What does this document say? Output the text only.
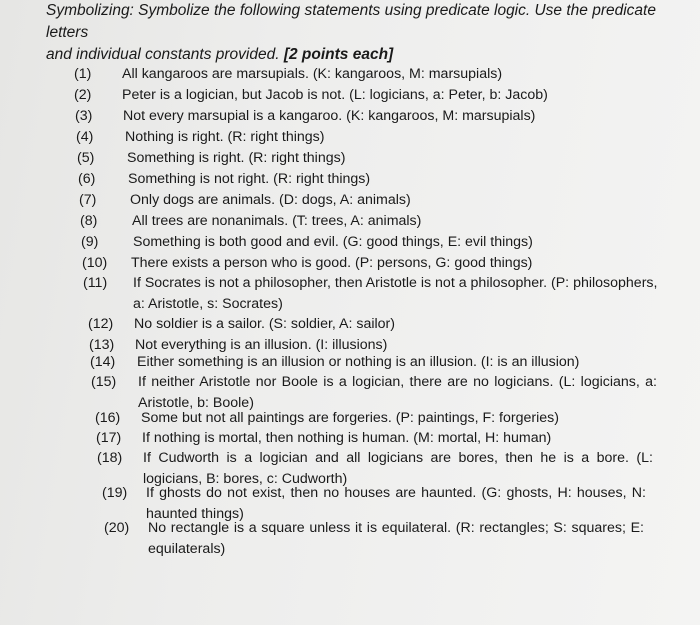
Symbolizing: Symbolize the following statements using predicate logic. Use the predicate letters
and individual constants provided. [2 points each]
(1) All kangaroos are marsupials. (K: kangaroos, M: marsupials)
(2) Peter is a logician, but Jacob is not. (L: logicians, a: Peter, b: Jacob)
(3) Not every marsupial is a kangaroo. (K: kangaroos, M: marsupials)
(4) Nothing is right. (R: right things)
(5) Something is right. (R: right things)
(6) Something is not right. (R: right things)
(7) Only dogs are animals. (D: dogs, A: animals)
(8) All trees are nonanimals. (T: trees, A: animals)
(9) Something is both good and evil. (G: good things, E: evil things)
(10) There exists a person who is good. (P: persons, G: good things)
(11) If Socrates is not a philosopher, then Aristotle is not a philosopher. (P: philosophers, a: Aristotle, s: Socrates)
(12) No soldier is a sailor. (S: soldier, A: sailor)
(13) Not everything is an illusion. (I: illusions)
(14) Either something is an illusion or nothing is an illusion. (I: is an illusion)
(15) If neither Aristotle nor Boole is a logician, there are no logicians. (L: logicians, a: Aristotle, b: Boole)
(16) Some but not all paintings are forgeries. (P: paintings, F: forgeries)
(17) If nothing is mortal, then nothing is human. (M: mortal, H: human)
(18) If Cudworth is a logician and all logicians are bores, then he is a bore. (L: logicians, B: bores, c: Cudworth)
(19) If ghosts do not exist, then no houses are haunted. (G: ghosts, H: houses, N: haunted things)
(20) No rectangle is a square unless it is equilateral. (R: rectangles; S: squares; E: equilaterals)
